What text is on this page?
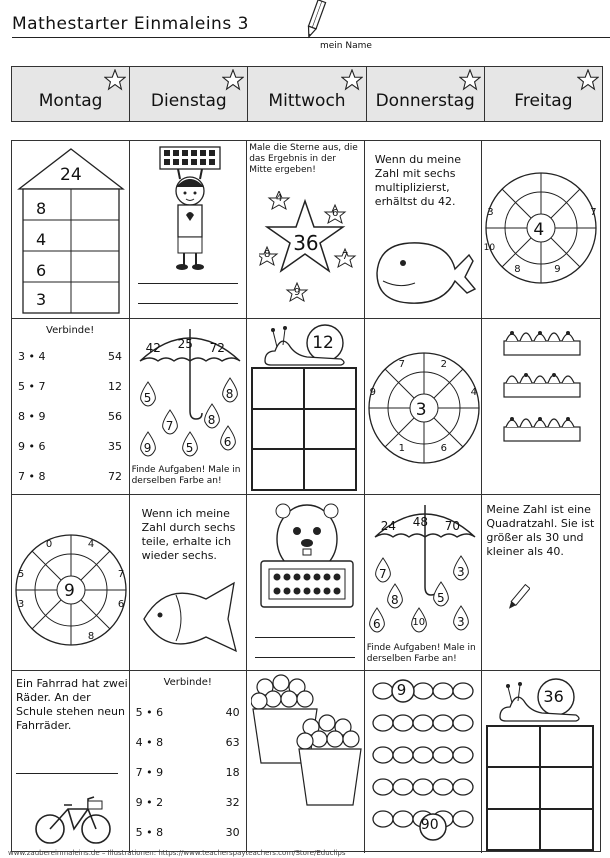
Mathestarter Einmaleins 3
mein Name
Montag	Dienstag Mittwoch Donnerstag Freitag
24
8
4
6
3
Male die Sterne aus, die das Ergebnis in der Mitte ergeben!
36
4
6
8	7
9
Wenn du meine Zahl mit sechs multiplizierst, erhältst du 42.
4
3	7
10
8	9
Verbinde!
3 • 4	54
5 • 7	12
8 • 9	56
9 • 6	35
7 • 8	72
42 25 72
5	8
7	8
9	5	6
Finde Aufgaben! Male in derselben Farbe an!
12
3
7	2
9	4
1	6
9
0	4
5	7
3	6
8
Wenn ich meine Zahl durch sechs teile, erhalte ich wieder sechs.
24 48 70
7	3
8	5
6	10	3
Finde Aufgaben! Male in derselben Farbe an!
Meine Zahl ist eine Quadratzahl. Sie ist größer als 30 und kleiner als 40.
Ein Fahrrad hat zwei Räder. An der Schule stehen neun Fahrräder.
Verbinde!
5 • 6	40
4 • 8	63
7 • 9	18
9 • 2	32
5 • 8	30
9
90
36
www.zaubereinmaleins.de – Illustrationen: https://www.teacherspayteachers.com/Store/Educlips
